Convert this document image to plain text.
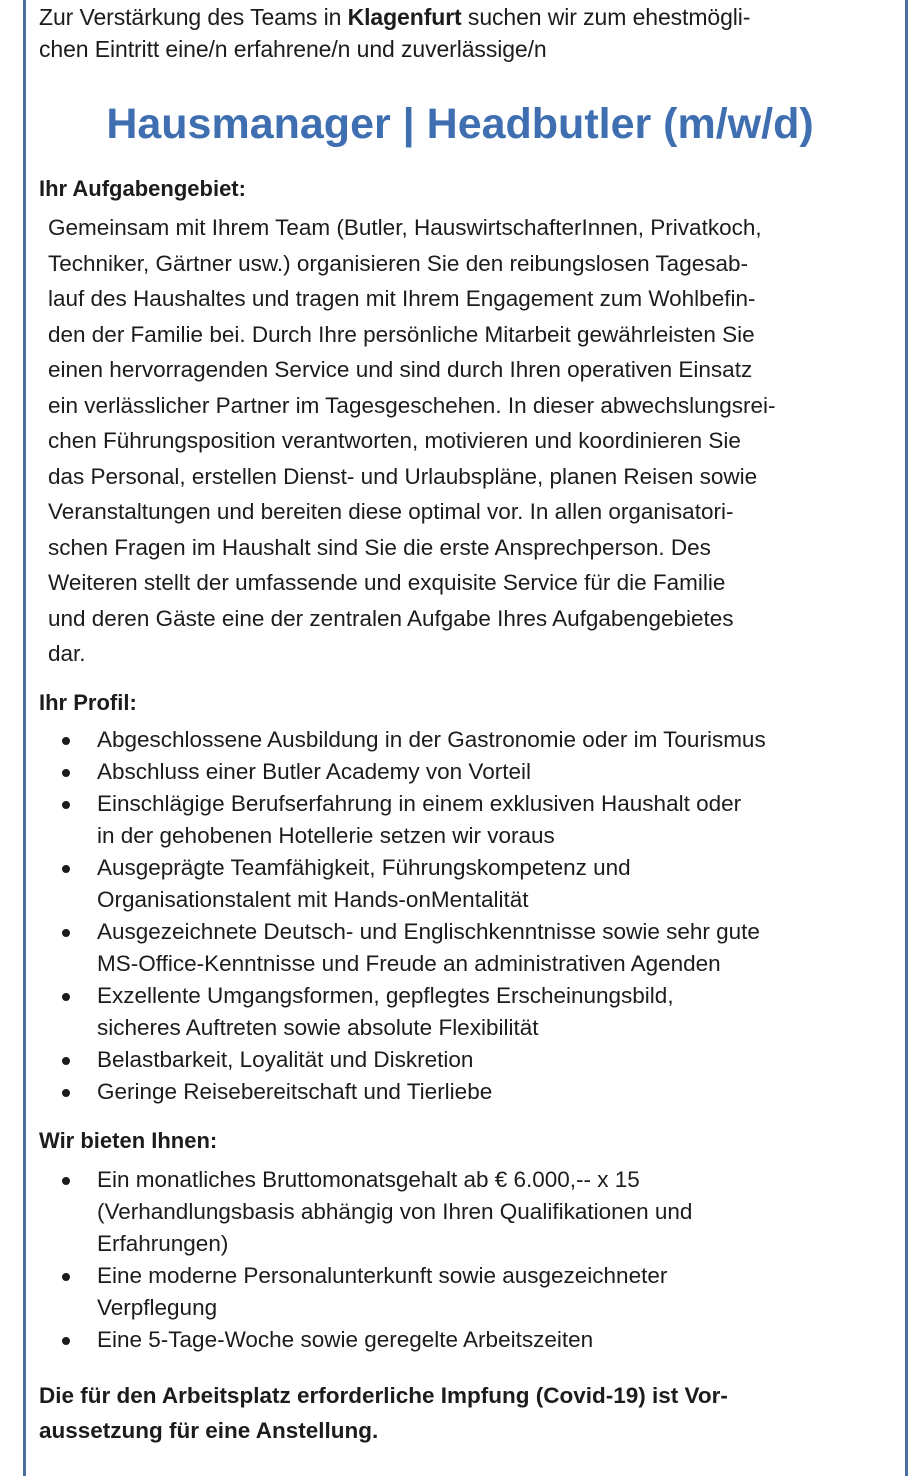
Zur Verstärkung des Teams in Klagenfurt suchen wir zum ehestmögli-
chen Eintritt eine/n erfahrene/n und zuverlässige/n

Hausmanager | Headbutler (m/w/d)
Ihr Aufgabengebiet:

Gemeinsam mit Ihrem Team (Butler, HauswirtschafterInnen, Privatkoch,
Techniker, Gärtner usw.) organisieren Sie den reibungslosen Tagesab-
lauf des Haushaltes und tragen mit Ihrem Engagement zum Wohlbefin-
den der Familie bei. Durch Ihre persönliche Mitarbeit gewährleisten Sie
einen hervorragenden Service und sind durch Ihren operativen Einsatz
ein verlässlicher Partner im Tagesgeschehen. In dieser abwechslungsrei-
chen Führungsposition verantworten, motivieren und koordinieren Sie
das Personal, erstellen Dienst- und Urlaubspläne, planen Reisen sowie
Veranstaltungen und bereiten diese optimal vor. In allen organisatori-
schen Fragen im Haushalt sind Sie die erste Ansprechperson. Des
Weiteren stellt der umfassende und exquisite Service für die Familie
und deren Gäste eine der zentralen Aufgabe Ihres Aufgabengebietes
dar.

Ihr Profil:
Abgeschlossene Ausbildung in der Gastronomie oder im Tourismus
Abschluss einer Butler Academy von Vorteil
Einschlägige Berufserfahrung in einem exklusiven Haushalt oder
in der gehobenen Hotellerie setzen wir voraus
Ausgeprägte Teamfähigkeit, Führungskompetenz und
Organisationstalent mit Hands-onMentalität
Ausgezeichnete Deutsch- und Englischkenntnisse sowie sehr gute
MS-Office-Kenntnisse und Freude an administrativen Agenden
Exzellente Umgangsformen, gepflegtes Erscheinungsbild,
sicheres Auftreten sowie absolute Flexibilität
Belastbarkeit, Loyalität und Diskretion
Geringe Reisebereitschaft und Tierliebe
Wir bieten Ihnen:
Ein monatliches Bruttomonatsgehalt ab € 6.000,-- x 15
(Verhandlungsbasis abhängig von Ihren Qualifikationen und
Erfahrungen)
Eine moderne Personalunterkunft sowie ausgezeichneter
Verpflegung
Eine 5-Tage-Woche sowie geregelte Arbeitszeiten

Die für den Arbeitsplatz erforderliche Impfung (Covid-19) ist Vor-
aussetzung für eine Anstellung.
